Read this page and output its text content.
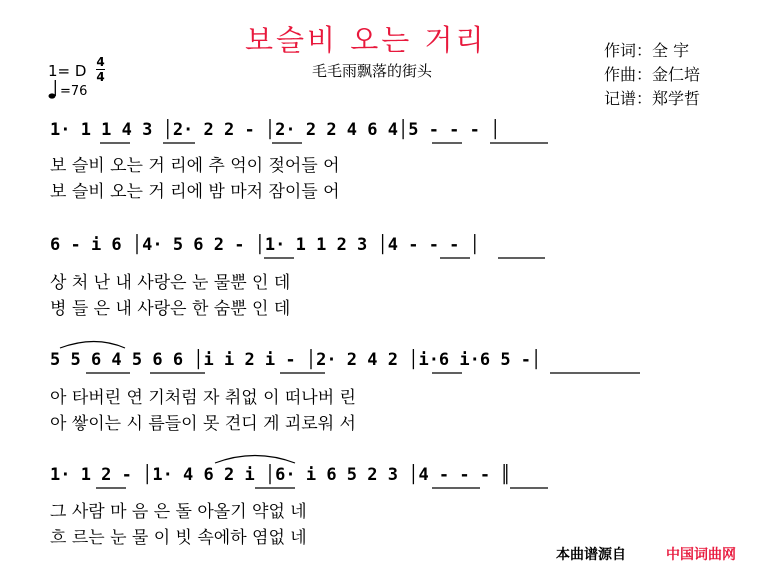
보슬비 오는 거리
毛毛雨飘落的街头
作词：全 宇
作曲：金仁培
记谱：郑学哲
1= D 4
4
=76
1· 1 1 4 3 │2· 2 2 - │2· 2 2 4 6 4│5 - - - │
보 슬비 오는 거 리에 추 억이 젖어들 어
보 슬비 오는 거 리에 밤 마저 잠이들 어
6 - i 6 │4· 5 6 2 - │1· 1 1 2 3 │4 - - - │
상 처 난 내 사랑은 눈 물뿐 인 데
병 들 은 내 사랑은 한 숨뿐 인 데
5 5 6 4 5 6 6 │i i 2 i - │2· 2 4 2 │i·6 i·6 5 -│
아 타버린 연 기처럼 자 취없 이 떠나버 린
아 쌓이는 시 름들이 못 견디 게 괴로워 서
1· 1 2 - │1· 4 6 2 i │6· i 6 5 2 3 │4 - - - ║
그 사람 마 음 은 돌 아올기 약없 네
흐 르는 눈 물 이 빗 속에하 염없 네
本曲谱源自	中国词曲网
